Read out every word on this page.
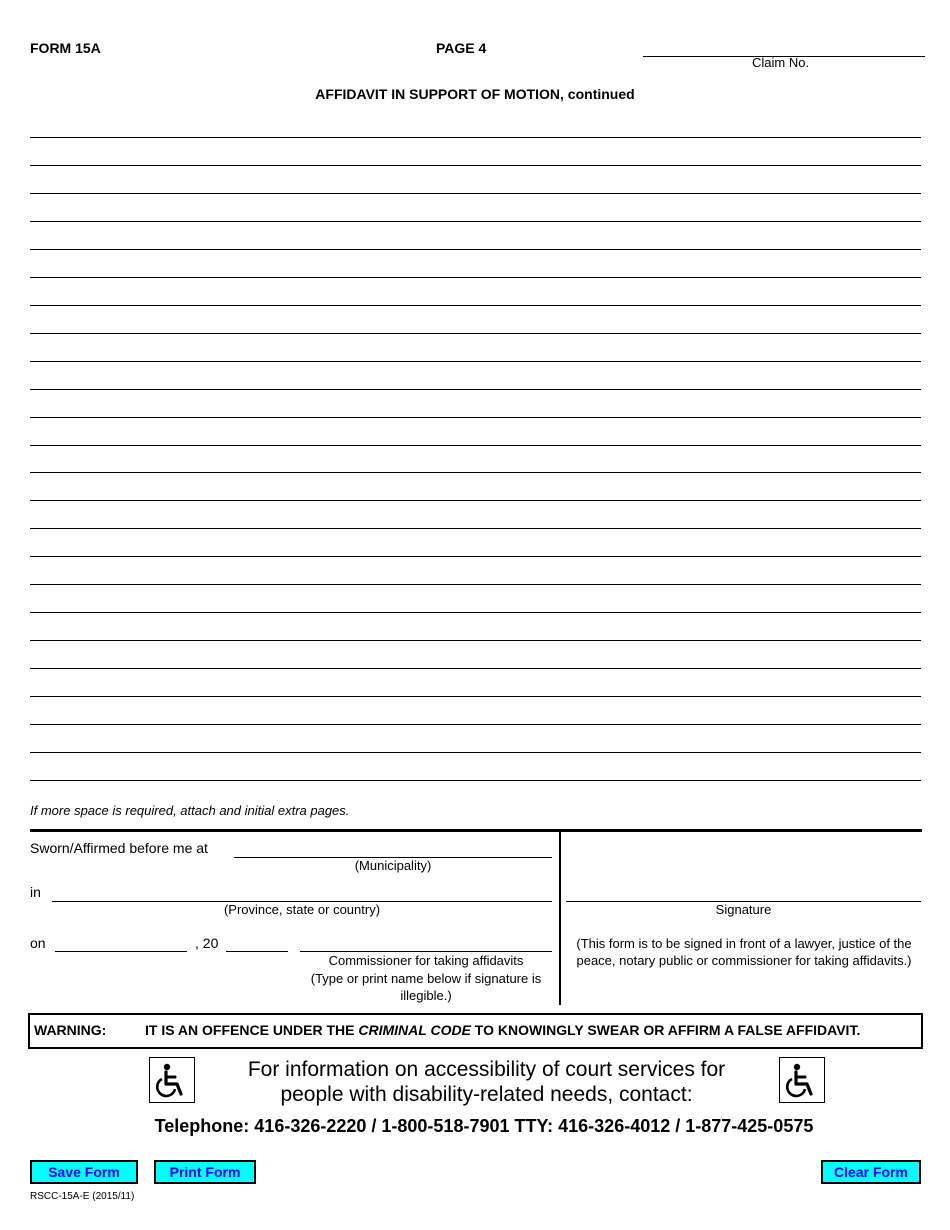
FORM 15A	PAGE 4
Claim No.
AFFIDAVIT IN SUPPORT OF MOTION, continued
If more space is required, attach and initial extra pages.
Sworn/Affirmed before me at
(Municipality)
in
(Province, state or country)
on	, 20
Commissioner for taking affidavits
(Type or print name below if signature is illegible.)
Signature
(This form is to be signed in front of a lawyer, justice of the peace, notary public or commissioner for taking affidavits.)
WARNING:	IT IS AN OFFENCE UNDER THE CRIMINAL CODE TO KNOWINGLY SWEAR OR AFFIRM A FALSE AFFIDAVIT.
For information on accessibility of court services for
people with disability-related needs, contact:
Telephone: 416-326-2220 / 1-800-518-7901 TTY: 416-326-4012 / 1-877-425-0575
Save Form	Print Form	Clear Form
RSCC-15A-E (2015/11)
